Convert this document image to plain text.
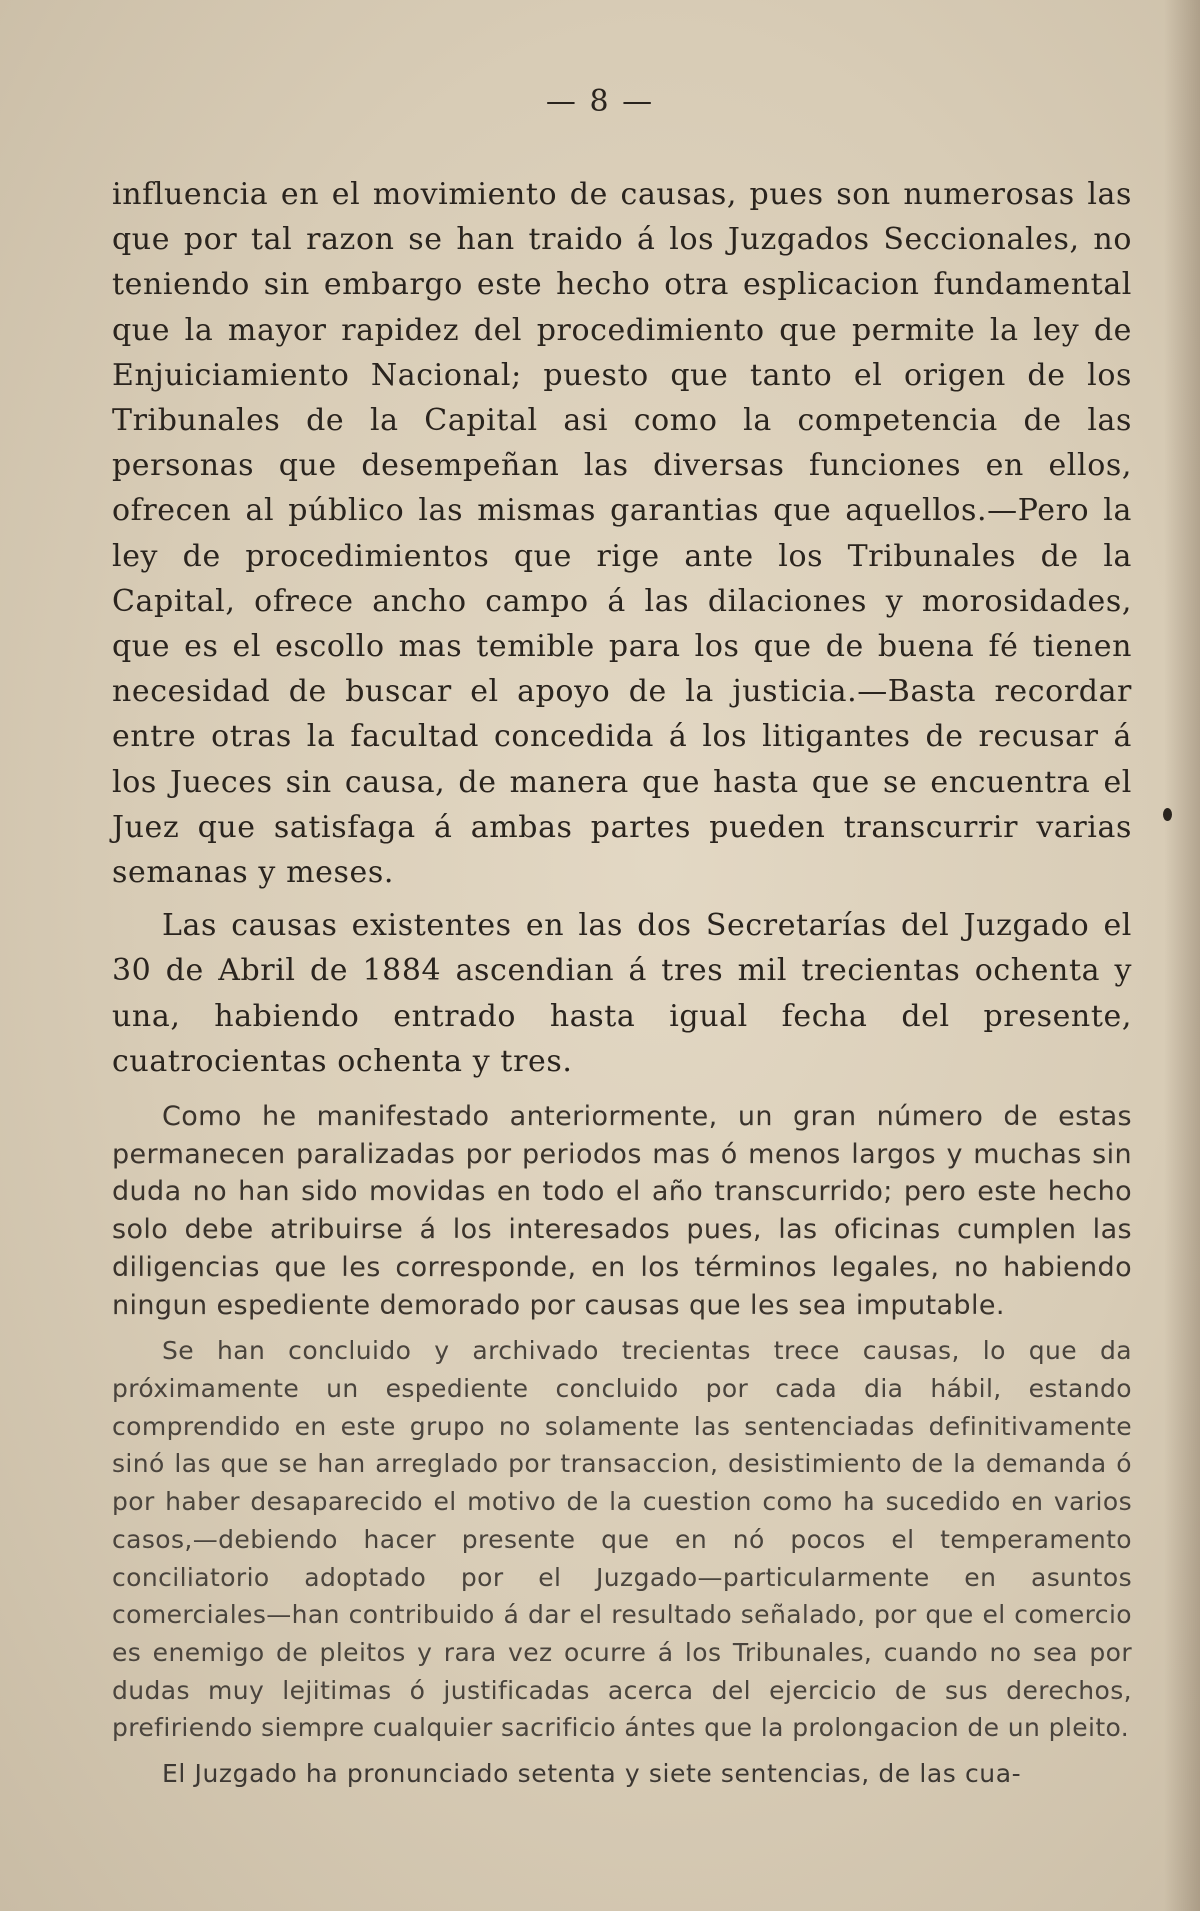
— 8 —

influencia en el movimiento de causas, pues son numerosas las que por tal razon se han traido á los Juzgados Seccionales, no teniendo sin embargo este hecho otra esplicacion fundamental que la mayor rapidez del procedimiento que permite la ley de Enjuiciamiento Nacional; puesto que tanto el origen de los Tribunales de la Capital asi como la competencia de las personas que desempeñan las diversas funciones en ellos, ofrecen al público las mismas garantias que aquellos.—Pero la ley de procedimientos que rige ante los Tribunales de la Capital, ofrece ancho campo á las dilaciones y morosidades, que es el escollo mas temible para los que de buena fé tienen necesidad de buscar el apoyo de la justicia.—Basta recordar entre otras la facultad concedida á los litigantes de recusar á los Jueces sin causa, de manera que hasta que se encuentra el Juez que satisfaga á ambas partes pueden transcurrir varias semanas y meses.

Las causas existentes en las dos Secretarías del Juzgado el 30 de Abril de 1884 ascendian á tres mil trecientas ochenta y una, habiendo entrado hasta igual fecha del presente, cuatrocientas ochenta y tres.

Como he manifestado anteriormente, un gran número de estas permanecen paralizadas por periodos mas ó menos largos y muchas sin duda no han sido movidas en todo el año transcurrido; pero este hecho solo debe atribuirse á los interesados pues, las oficinas cumplen las diligencias que les corresponde, en los términos legales, no habiendo ningun espediente demorado por causas que les sea imputable.

Se han concluido y archivado trecientas trece causas, lo que da próximamente un espediente concluido por cada dia hábil, estando comprendido en este grupo no solamente las sentenciadas definitivamente sinó las que se han arreglado por transaccion, desistimiento de la demanda ó por haber desaparecido el motivo de la cuestion como ha sucedido en varios casos,—debiendo hacer presente que en nó pocos el temperamento conciliatorio adoptado por el Juzgado—particularmente en asuntos comerciales—han contribuido á dar el resultado señalado, por que el comercio es enemigo de pleitos y rara vez ocurre á los Tribunales, cuando no sea por dudas muy lejitimas ó justificadas acerca del ejercicio de sus derechos, prefiriendo siempre cualquier sacrificio ántes que la prolongacion de un pleito.

El Juzgado ha pronunciado setenta y siete sentencias, de las cua-
